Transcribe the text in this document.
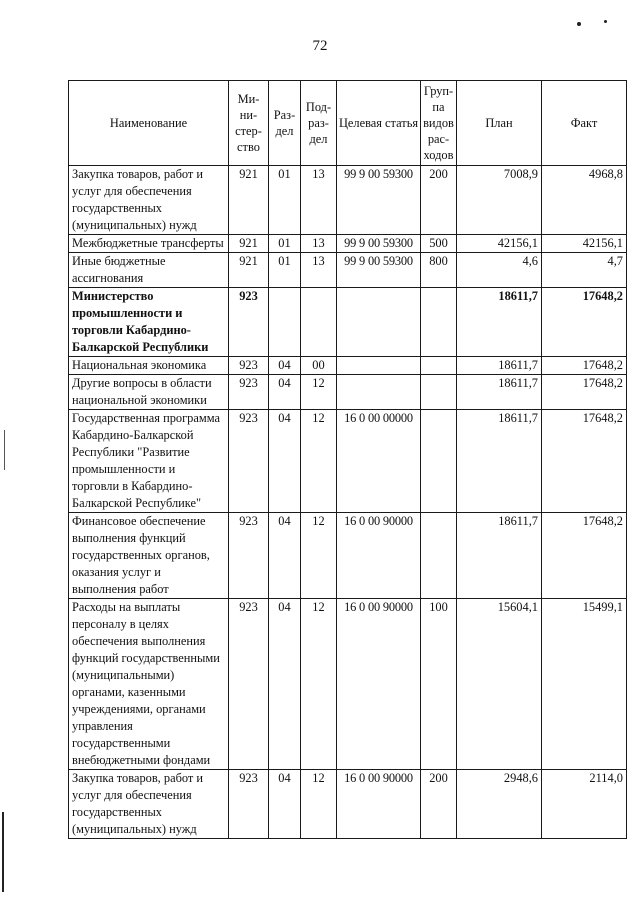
72
Наименование	Ми-ни-стер-ство	Раз-дел	Под-раз-дел	Целевая статья	Груп-па видов рас-ходов	План	Факт
Закупка товаров, работ и услуг для обеспечения государственных (муниципальных) нужд	921	01	13	99 9 00 59300	200	7008,9	4968,8
Межбюджетные трансферты	921	01	13	99 9 00 59300	500	42156,1	42156,1
Иные бюджетные ассигнования	921	01	13	99 9 00 59300	800	4,6	4,7
Министерство промышленности и торговли Кабардино-Балкарской Республики	923					18611,7	17648,2
Национальная экономика	923	04	00			18611,7	17648,2
Другие вопросы в области национальной экономики	923	04	12			18611,7	17648,2
Государственная программа Кабардино-Балкарской Республики "Развитие промышленности и торговли в Кабардино-Балкарской Республике"	923	04	12	16 0 00 00000		18611,7	17648,2
Финансовое обеспечение выполнения функций государственных органов, оказания услуг и выполнения работ	923	04	12	16 0 00 90000		18611,7	17648,2
Расходы на выплаты персоналу в целях обеспечения выполнения функций государственными (муниципальными) органами, казенными учреждениями, органами управления государственными внебюджетными фондами	923	04	12	16 0 00 90000	100	15604,1	15499,1
Закупка товаров, работ и услуг для обеспечения государственных (муниципальных) нужд	923	04	12	16 0 00 90000	200	2948,6	2114,0
